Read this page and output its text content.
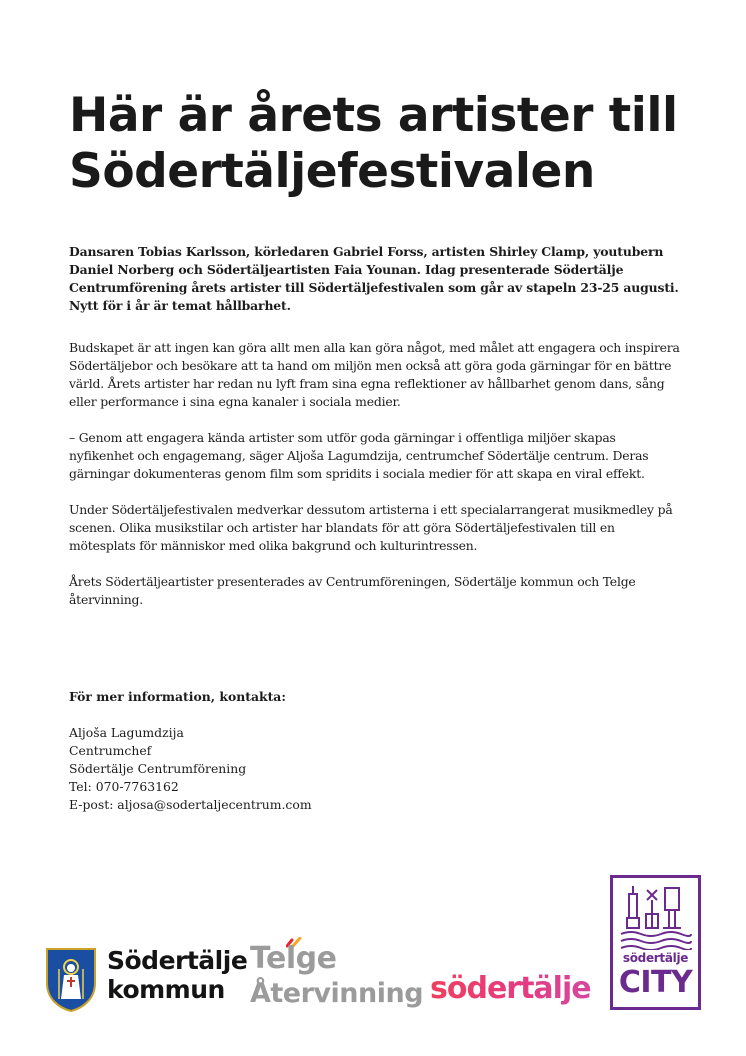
Här är årets artister till Södertäljefestivalen

Dansaren Tobias Karlsson, körledaren Gabriel Forss, artisten Shirley Clamp, youtubern Daniel Norberg och Södertäljeartisten Faia Younan. Idag presenterade Södertälje Centrumförening årets artister till Södertäljefestivalen som går av stapeln 23-25 augusti. Nytt för i år är temat hållbarhet.

Budskapet är att ingen kan göra allt men alla kan göra något, med målet att engagera och inspirera Södertäljebor och besökare att ta hand om miljön men också att göra goda gärningar för en bättre värld. Årets artister har redan nu lyft fram sina egna reflektioner av hållbarhet genom dans, sång eller performance i sina egna kanaler i sociala medier.

– Genom att engagera kända artister som utför goda gärningar i offentliga miljöer skapas nyfikenhet och engagemang, säger Aljoša Lagumdzija, centrumchef Södertälje centrum. Deras gärningar dokumenteras genom film som spridits i sociala medier för att skapa en viral effekt.

Under Södertäljefestivalen medverkar dessutom artisterna i ett specialarrangerat musikmedley på scenen. Olika musikstilar och artister har blandats för att göra Södertäljefestivalen till en mötesplats för människor med olika bakgrund och kulturintressen.

Årets Södertäljeartister presenterades av Centrumföreningen, Södertälje kommun och Telge återvinning.

För mer information, kontakta:

Aljoša Lagumdzija
Centrumchef
Södertälje Centrumförening
Tel: 070-7763162
E-post: aljosa@sodertaljecentrum.com
Södertälje
kommun
Telge
Återvinning södertälje
södertälje
CITY
